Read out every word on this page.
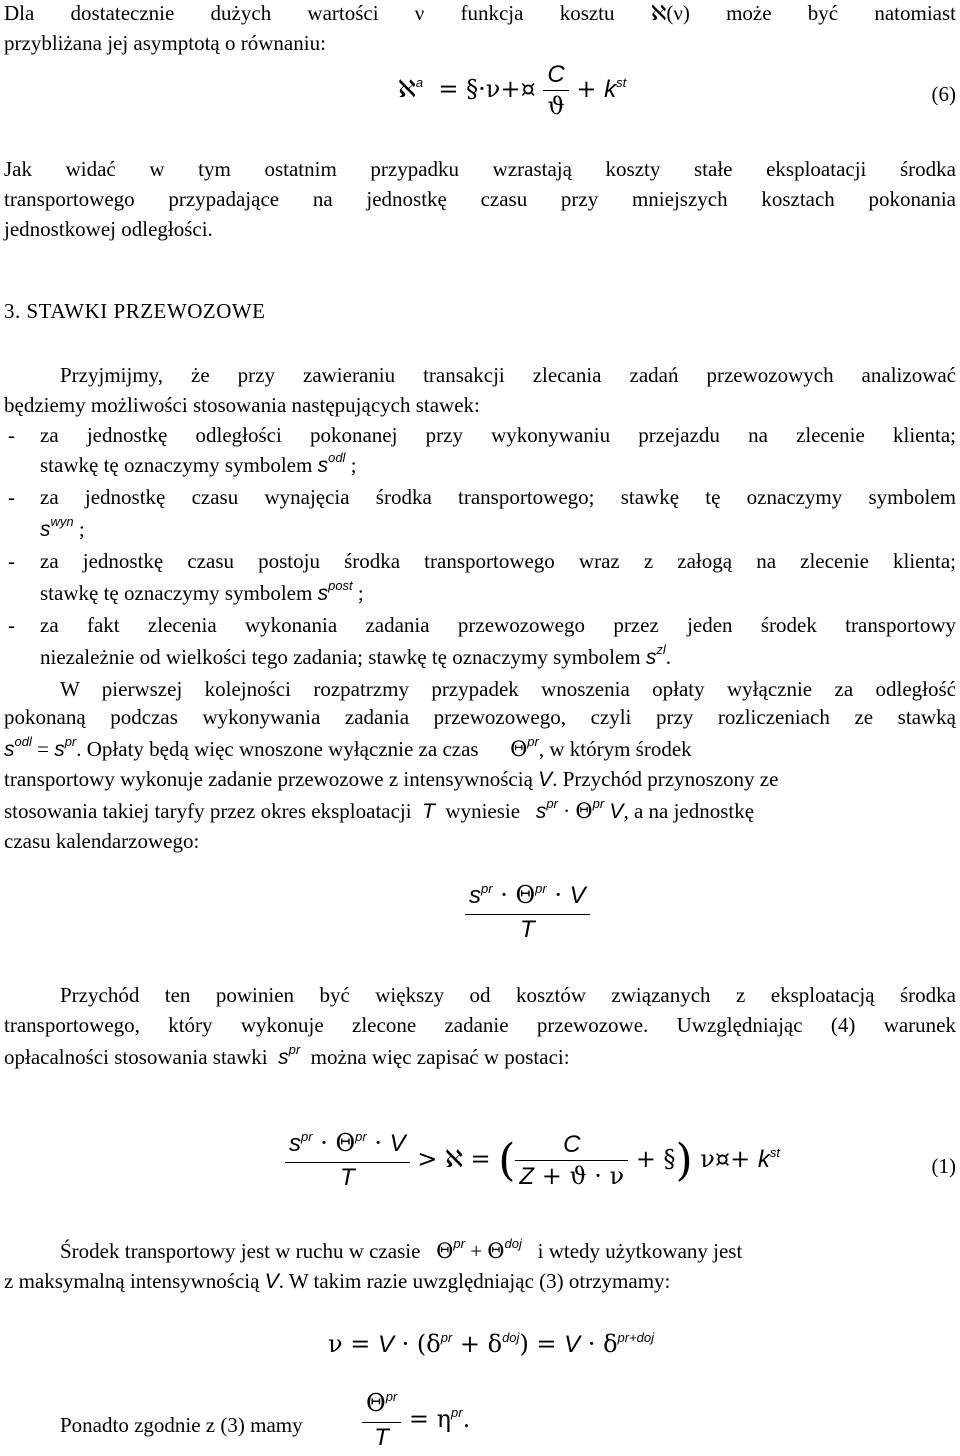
Dla dostatecznie dużych wartości ν funkcja kosztu ℵ(ν) może być natomiast
przybliżana jej asymptotą o równaniu:
ℵ$^a$  = §·ν+¤ $\frac{C}{ϑ} + k^{st}$	(6)
Jak widać w tym ostatnim przypadku wzrastają koszty stałe eksploatacji środka
transportowego przypadające na jednostkę czasu przy mniejszych kosztach pokonania
jednostkowej odległości.
3. STAWKI PRZEWOZOWE
Przyjmijmy, że przy zawieraniu transakcji zlecania zadań przewozowych analizować
będziemy możliwości stosowania następujących stawek:
- za jednostkę odległości pokonanej przy wykonywaniu przejazdu na zlecenie klienta;
stawkę tę oznaczymy symbolem $s^{odl}$ ;
- za jednostkę czasu wynajęcia środka transportowego; stawkę tę oznaczymy symbolem
$s^{wyn}$ ;
- za jednostkę czasu postoju środka transportowego wraz z załogą na zlecenie klienta;
stawkę tę oznaczymy symbolem $s^{post}$ ;
- za fakt zlecenia wykonania zadania przewozowego przez jeden środek transportowy
niezależnie od wielkości tego zadania; stawkę tę oznaczymy symbolem $s^{zl}$.
W pierwszej kolejności rozpatrzmy przypadek wnoszenia opłaty wyłącznie za odległość
pokonaną podczas wykonywania zadania przewozowego, czyli przy rozliczeniach ze stawką
$s^{odl} = s^{pr}$. Opłaty będą więc wnoszone wyłącznie za czas $\Theta^{pr}$, w którym środek
transportowy wykonuje zadanie przewozowe z intensywnością V. Przychód przynoszony ze
stosowania takiej taryfy przez okres eksploatacji T wyniesie $s^{pr} \cdot \Theta^{pr}$ V, a na jednostkę
czasu kalendarzowego:
$\frac{s^{pr} \cdot \Theta^{pr} \cdot V}{T}$
Przychód ten powinien być większy od kosztów związanych z eksploatacją środka
transportowego, który wykonuje zlecone zadanie przewozowe. Uwzględniając (4) warunek
opłacalności stosowania stawki $s^{pr}$ można więc zapisać w postaci:
$\frac{s^{pr} \cdot \Theta^{pr} \cdot V}{T}$ > ℵ = ( $\frac{C}{Z + ϑ \cdot \nu}$ + §) ν¤+ $k^{st}$
(1)
Środek transportowy jest w ruchu w czasie $\Theta^{pr} + \Theta^{doj}$ i wtedy użytkowany jest
z maksymalną intensywnością V. W takim razie uwzględniając (3) otrzymamy:
$\nu = V \cdot (\delta^{pr} + \delta^{doj}) = V \cdot \delta^{pr+doj}$
Ponadto zgodnie z (3) mamy	$\frac{\Theta^{pr}}{T} = \eta^{pr}$.
